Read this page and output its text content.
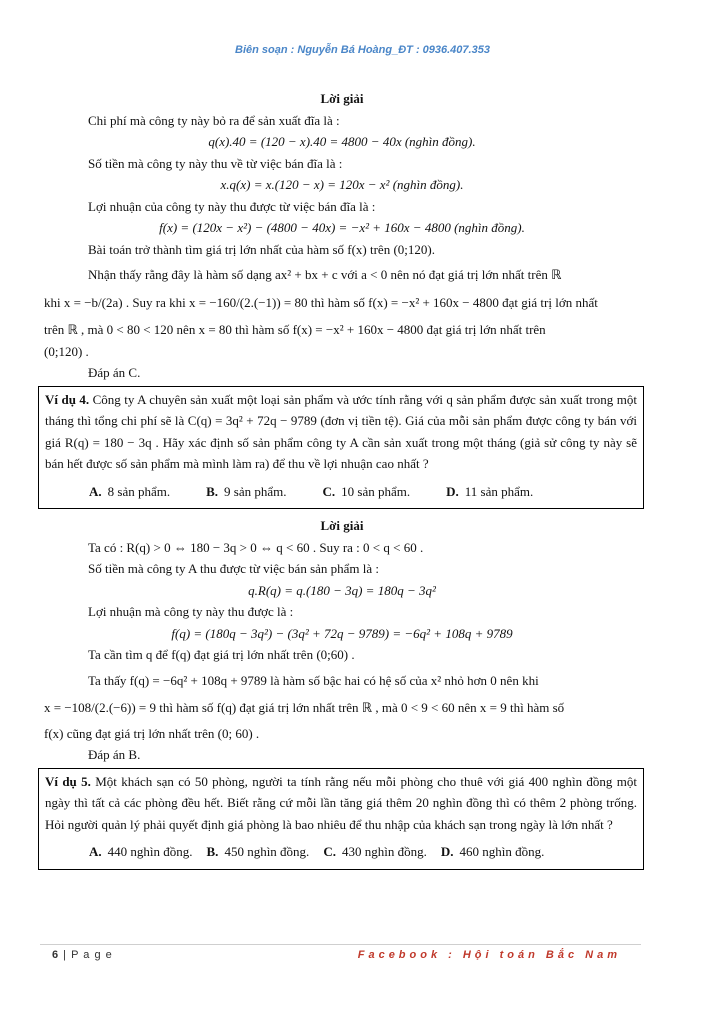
Biên soạn : Nguyễn Bá Hoàng_ĐT : 0936.407.353
Lời giải

Chi phí mà công ty này bỏ ra để sản xuất đĩa là :

q(x).40 = (120 − x).40 = 4800 − 40x (nghìn đồng).

Số tiền mà công ty này thu về từ việc bán đĩa là :

x.q(x) = x.(120 − x) = 120x − x² (nghìn đồng).

Lợi nhuận của công ty này thu được từ việc bán đĩa là :

f(x) = (120x − x²) − (4800 − 40x) = −x² + 160x − 4800 (nghìn đồng).

Bài toán trở thành tìm giá trị lớn nhất của hàm số f(x) trên (0;120).

Nhận thấy rằng đây là hàm số dạng ax² + bx + c với a < 0 nên nó đạt giá trị lớn nhất trên ℝ

khi x = −b/(2a) . Suy ra khi x = −160/(2.(−1)) = 80 thì hàm số f(x) = −x² + 160x − 4800 đạt giá trị lớn nhất

trên ℝ , mà 0 < 80 < 120 nên x = 80 thì hàm số f(x) = −x² + 160x − 4800 đạt giá trị lớn nhất trên

(0;120) .

Đáp án C.

Ví dụ 4. Công ty A chuyên sản xuất một loại sản phẩm và ước tính rằng với q sản phẩm được sản xuất trong một tháng thì tổng chi phí sẽ là C(q) = 3q² + 72q − 9789 (đơn vị tiền tệ). Giá của mỗi sản phẩm được công ty bán với giá R(q) = 180 − 3q . Hãy xác định số sản phẩm công ty A cần sản xuất trong một tháng (giả sử công ty này sẽ bán hết được số sản phẩm mà mình làm ra) để thu về lợi nhuận cao nhất ?

A. 8 sản phẩm.	B. 9 sản phẩm.	C. 10 sản phẩm.	D. 11 sản phẩm.
Lời giải

Ta có : R(q) > 0 ⇔ 180 − 3q > 0 ⇔ q < 60 . Suy ra : 0 < q < 60 .

Số tiền mà công ty A thu được từ việc bán sản phẩm là :

q.R(q) = q.(180 − 3q) = 180q − 3q²

Lợi nhuận mà công ty này thu được là :

f(q) = (180q − 3q²) − (3q² + 72q − 9789) = −6q² + 108q + 9789

Ta cần tìm q để f(q) đạt giá trị lớn nhất trên (0;60) .

Ta thấy f(q) = −6q² + 108q + 9789 là hàm số bậc hai có hệ số của x² nhỏ hơn 0 nên khi

x = −108/(2.(−6)) = 9 thì hàm số f(q) đạt giá trị lớn nhất trên ℝ , mà 0 < 9 < 60 nên x = 9 thì hàm số

f(x) cũng đạt giá trị lớn nhất trên (0; 60) .

Đáp án B.

Ví dụ 5. Một khách sạn có 50 phòng, người ta tính rằng nếu mỗi phòng cho thuê với giá 400 nghìn đồng một ngày thì tất cả các phòng đều hết. Biết rằng cứ mỗi lần tăng giá thêm 20 nghìn đồng thì có thêm 2 phòng trống. Hỏi người quản lý phải quyết định giá phòng là bao nhiêu để thu nhập của khách sạn trong ngày là lớn nhất ?

A. 440 nghìn đồng. B. 450 nghìn đồng. C. 430 nghìn đồng. D. 460 nghìn đồng.
6 | P a g e	Facebook : Hội toán Bắc Nam
